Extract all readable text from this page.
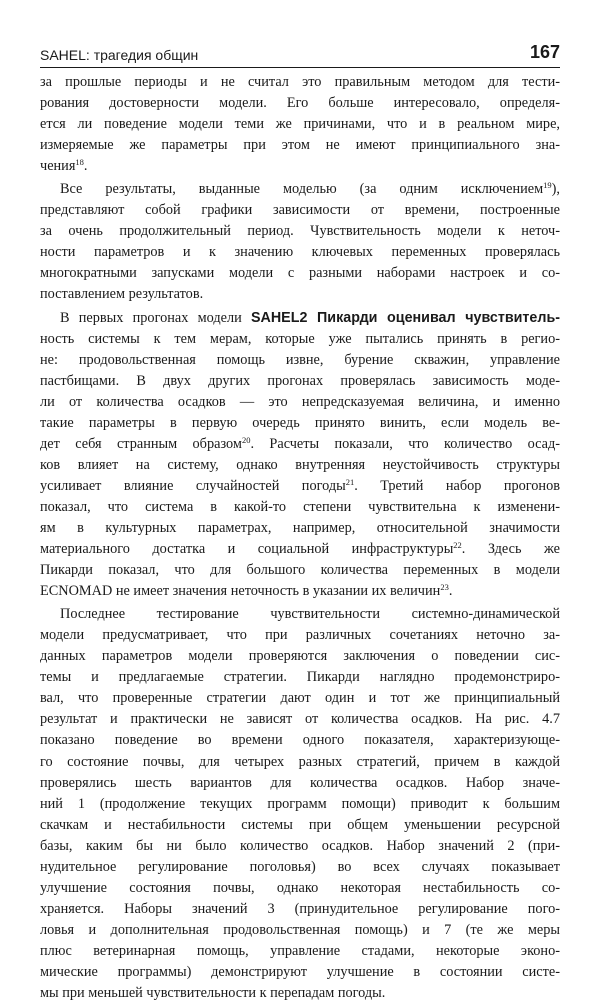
SAHEL: трагедия общин	167
за прошлые периоды и не считал это правильным методом для тести-
рования достоверности модели. Его больше интересовало, определя-
ется ли поведение модели теми же причинами, что и в реальном мире,
измеряемые же параметры при этом не имеют принципиального зна-
чения$^{18}$.
Все результаты, выданные моделью (за одним исключением$^{19}$),
представляют собой графики зависимости от времени, построенные
за очень продолжительный период. Чувствительность модели к неточ-
ности параметров и к значению ключевых переменных проверялась
многократными запусками модели с разными наборами настроек и со-
поставлением результатов.
В первых прогонах модели SAHEL2 Пикарди оценивал чувствитель-
ность системы к тем мерам, которые уже пытались принять в регио-
не: продовольственная помощь извне, бурение скважин, управление
пастбищами. В двух других прогонах проверялась зависимость моде-
ли от количества осадков — это непредсказуемая величина, и именно
такие параметры в первую очередь принято винить, если модель ве-
дет себя странным образом$^{20}$. Расчеты показали, что количество осад-
ков влияет на систему, однако внутренняя неустойчивость структуры
усиливает влияние случайностей погоды$^{21}$. Третий набор прогонов
показал, что система в какой-то степени чувствительна к изменени-
ям в культурных параметрах, например, относительной значимости
материального достатка и социальной инфраструктуры$^{22}$. Здесь же
Пикарди показал, что для большого количества переменных в модели
ECNOMAD не имеет значения неточность в указании их величин$^{23}$.
Последнее тестирование чувствительности системно-динамической
модели предусматривает, что при различных сочетаниях неточно за-
данных параметров модели проверяются заключения о поведении сис-
темы и предлагаемые стратегии. Пикарди наглядно продемонстриро-
вал, что проверенные стратегии дают один и тот же принципиальный
результат и практически не зависят от количества осадков. На рис. 4.7
показано поведение во времени одного показателя, характеризующе-
го состояние почвы, для четырех разных стратегий, причем в каждой
проверялись шесть вариантов для количества осадков. Набор значе-
ний 1 (продолжение текущих программ помощи) приводит к большим
скачкам и нестабильности системы при общем уменьшении ресурсной
базы, каким бы ни было количество осадков. Набор значений 2 (при-
нудительное регулирование поголовья) во всех случаях показывает
улучшение состояния почвы, однако некоторая нестабильность со-
храняется. Наборы значений 3 (принудительное регулирование пого-
ловья и дополнительная продовольственная помощь) и 7 (те же меры
плюс ветеринарная помощь, управление стадами, некоторые эконо-
мические программы) демонстрируют улучшение в состоянии систе-
мы при меньшей чувствительности к перепадам погоды.
